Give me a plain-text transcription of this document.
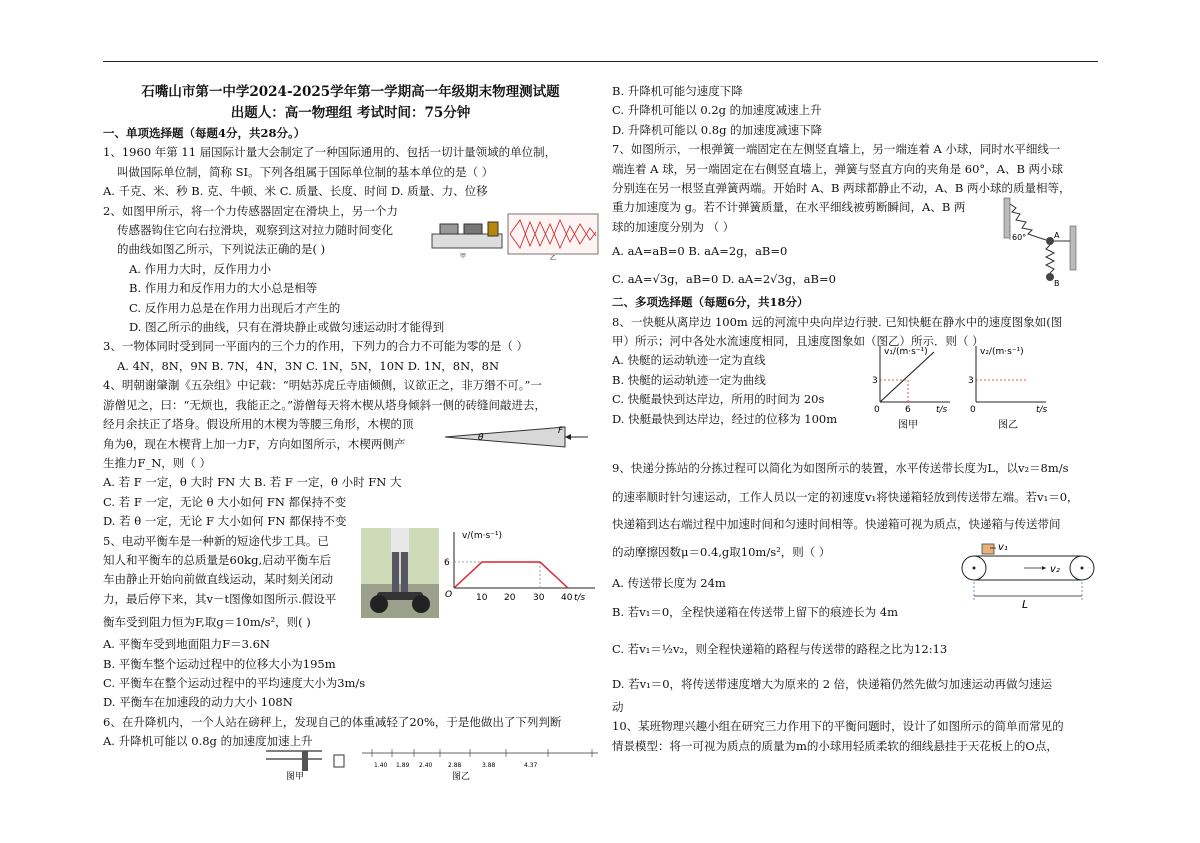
石嘴山市第一中学2024-2025学年第一学期高一年级期末物理测试题
出题人：高一物理组 考试时间：75分钟
一、单项选择题（每题4分，共28分。）
1、1960 年第 11 届国际计量大会制定了一种国际通用的、包括一切计量领域的单位制，
叫做国际单位制，简称 SI。下列各组属于国际单位制的基本单位的是（ ）
A. 千克、米、秒 B. 克、牛顿、米 C. 质量、长度、时间 D. 质量、力、位移
2、如图甲所示，将一个力传感器固定在滑块上，另一个力
传感器钩住它向右拉滑块，观察到这对拉力随时间变化
的曲线如图乙所示，下列说法正确的是( )
A. 作用力大时，反作用力小
B. 作用力和反作用力的大小总是相等
C. 反作用力总是在作用力出现后才产生的
D. 图乙所示的曲线，只有在滑块静止或做匀速运动时才能得到
3、一物体同时受到同一平面内的三个力的作用，下列力的合力不可能为零的是（ ）
A. 4N，8N，9N B. 7N，4N，3N C. 1N，5N，10N D. 1N，8N，8N
4、明朝谢肇淛《五杂组》中记载：“明姑苏虎丘寺庙倾侧，议欲正之，非万缗不可。”一
游僧见之，曰：“无烦也，我能正之。”游僧每天将木楔从塔身倾斜一侧的砖缝间敲进去，
经月余扶正了塔身。假设所用的木楔为等腰三角形，木楔的顶
角为θ，现在木楔背上加一力F，方向如图所示，木楔两侧产
生推力F_N，则（ ）
A. 若 F 一定，θ 大时 FN 大 B. 若 F 一定，θ 小时 FN 大
C. 若 F 一定，无论 θ 大小如何 FN 都保持不变
D. 若 θ 一定，无论 F 大小如何 FN 都保持不变
5、电动平衡车是一种新的短途代步工具。已
知人和平衡车的总质量是60kg,启动平衡车后
车由静止开始向前做直线运动，某时刻关闭动
力，最后停下来，其v－t图像如图所示.假设平
衡车受到阻力恒为F,取g＝10m/s²，则( )
A. 平衡车受到地面阻力F＝3.6N
B. 平衡车整个运动过程中的位移大小为195m
C. 平衡车在整个运动过程中的平均速度大小为3m/s
D. 平衡车在加速段的动力大小 108N
6、在升降机内，一个人站在磅秤上，发现自己的体重减轻了20%，于是他做出了下列判断
A. 升降机可能以 0.8g 的加速度加速上升
甲	乙
θ
F
v/(m·s⁻¹)
t/s
6
O	10 20 30 40
图甲
1.40 1.89 2.40	2.88	3.88	4.37
图乙
B. 升降机可能匀速度下降
C. 升降机可能以 0.2g 的加速度减速上升
D. 升降机可能以 0.8g 的加速度减速下降
7、如图所示，一根弹簧一端固定在左侧竖直墙上，另一端连着 A 小球，同时水平细线一
端连着 A 球，另一端固定在右侧竖直墙上，弹簧与竖直方向的夹角是 60°，A、B 两小球
分别连在另一根竖直弹簧两端。开始时 A、B 两球都静止不动，A、B 两小球的质量相等，
重力加速度为 g。若不计弹簧质量，在水平细线被剪断瞬间，A、B 两
球的加速度分别为 （ ）
A. aA=aB=0 B. aA=2g，aB=0
C. aA=√3g，aB=0 D. aA=2√3g，aB=0
二、多项选择题（每题6分，共18分）
8、一快艇从离岸边 100m 远的河流中央向岸边行驶. 已知快艇在静水中的速度图象如(图
甲）所示；河中各处水流速度相同，且速度图象如（图乙）所示．则（ ）
A. 快艇的运动轨迹一定为直线
B. 快艇的运动轨迹一定为曲线
C. 快艇最快到达岸边，所用的时间为 20s
D. 快艇最快到达岸边，经过的位移为 100m
9、快递分拣站的分拣过程可以简化为如图所示的装置，水平传送带长度为L，以v₂＝8m/s
的速率顺时针匀速运动，工作人员以一定的初速度v₁将快递箱轻放到传送带左端。若v₁＝0，
快递箱到达右端过程中加速时间和匀速时间相等。快递箱可视为质点，快递箱与传送带间
的动摩擦因数μ＝0.4,g取10m/s²，则（ ）
A. 传送带长度为 24m
B. 若v₁＝0，全程快递箱在传送带上留下的痕迹长为 4m
C. 若v₁＝½v₂，则全程快递箱的路程与传送带的路程之比为12:13
D. 若v₁＝0，将传送带速度增大为原来的 2 倍，快递箱仍然先做匀加速运动再做匀速运
动
10、某班物理兴趣小组在研究三力作用下的平衡问题时，设计了如图所示的简单而常见的
情景模型：将一可视为质点的质量为m的小球用轻质柔软的细线悬挂于天花板上的O点，
60°	A
B
v₁/(m·s⁻¹)
t/s
3
6
0
图甲
v₂/(m·s⁻¹)
t/s
3
0
图乙
v₁
v₂
L
